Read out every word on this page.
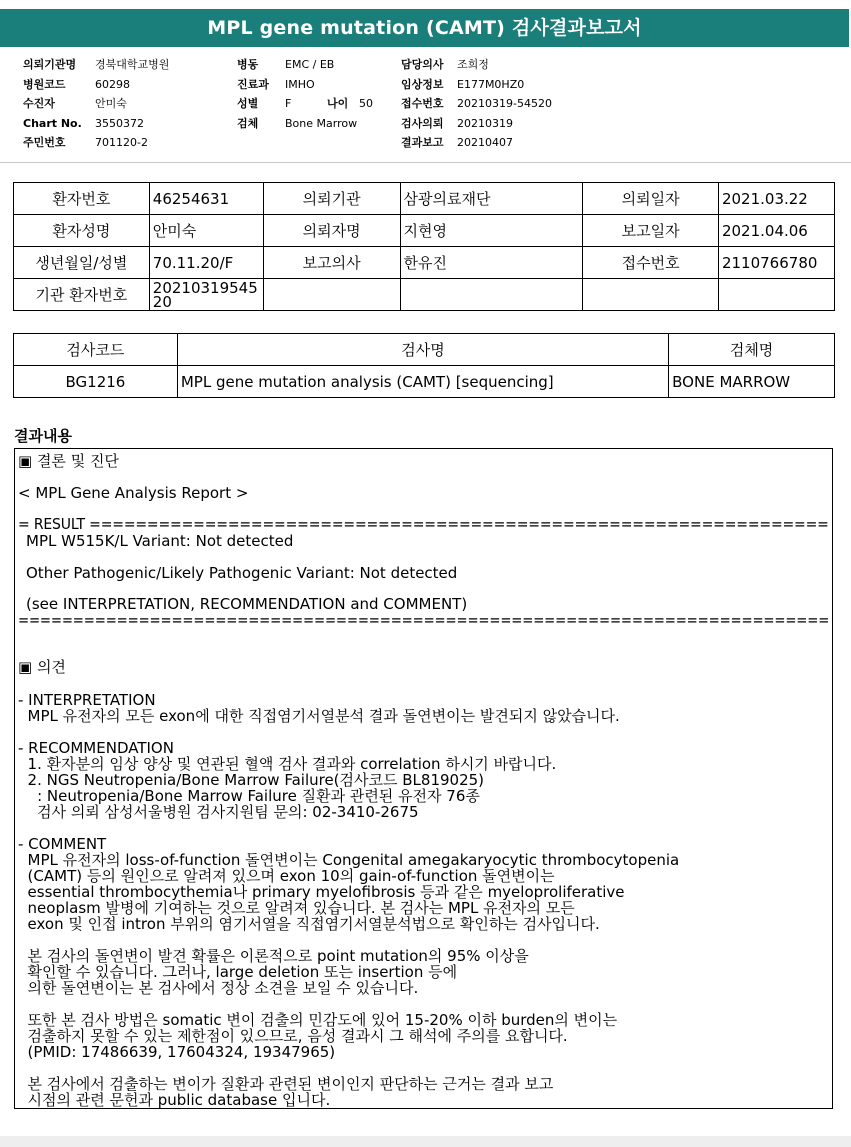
MPL gene mutation (CAMT) 검사결과보고서
의뢰기관명 경북대학교병원
병원코드	60298
수진자	안미숙
Chart No. 3550372
주민번호	701120-2
병동 EMC / EB
진료과 IMHO
성별 F	나이 50
검체 Bone Marrow
담당의사 조희정
임상정보 E177M0HZ0
접수번호 20210319-54520
검사의뢰 20210319
결과보고 20210407
환자번호	46254631	의뢰기관	삼광의료재단	의뢰일자	2021.03.22
환자성명	안미숙	의뢰자명	지현영	보고일자	2021.04.06
생년월일/성별	70.11.20/F	보고의사	한유진	접수번호	2110766780
기관 환자번호	20210319545
20				
검사코드	검사명	검체명
BG1216	MPL gene mutation analysis (CAMT) [sequencing]	BONE MARROW
결과내용
▣ 결론 및 진단
< MPL Gene Analysis Report >
= RESULT ================================================================
MPL W515K/L Variant: Not detected
Other Pathogenic/Likely Pathogenic Variant: Not detected
(see INTERPRETATION, RECOMMENDATION and COMMENT)
==========================================================================
▣ 의견
- INTERPRETATION
MPL 유전자의 모든 exon에 대한 직접염기서열분석 결과 돌연변이는 발견되지 않았습니다.
- RECOMMENDATION
1. 환자분의 임상 양상 및 연관된 혈액 검사 결과와 correlation 하시기 바랍니다.
2. NGS Neutropenia/Bone Marrow Failure(검사코드 BL819025)
: Neutropenia/Bone Marrow Failure 질환과 관련된 유전자 76종
검사 의뢰 삼성서울병원 검사지원팀 문의: 02-3410-2675
- COMMENT
MPL 유전자의 loss-of-function 돌연변이는 Congenital amegakaryocytic thrombocytopenia
(CAMT) 등의 원인으로 알려져 있으며 exon 10의 gain-of-function 돌연변이는
essential thrombocythemia나 primary myelofibrosis 등과 같은 myeloproliferative
neoplasm 발병에 기여하는 것으로 알려져 있습니다. 본 검사는 MPL 유전자의 모든
exon 및 인접 intron 부위의 염기서열을 직접염기서열분석법으로 확인하는 검사입니다.
본 검사의 돌연변이 발견 확률은 이론적으로 point mutation의 95% 이상을
확인할 수 있습니다. 그러나, large deletion 또는 insertion 등에
의한 돌연변이는 본 검사에서 정상 소견을 보일 수 있습니다.
또한 본 검사 방법은 somatic 변이 검출의 민감도에 있어 15-20% 이하 burden의 변이는
검출하지 못할 수 있는 제한점이 있으므로, 음성 결과시 그 해석에 주의를 요합니다.
(PMID: 17486639, 17604324, 19347965)
본 검사에서 검출하는 변이가 질환과 관련된 변이인지 판단하는 근거는 결과 보고
시점의 관련 문헌과 public database 입니다.
